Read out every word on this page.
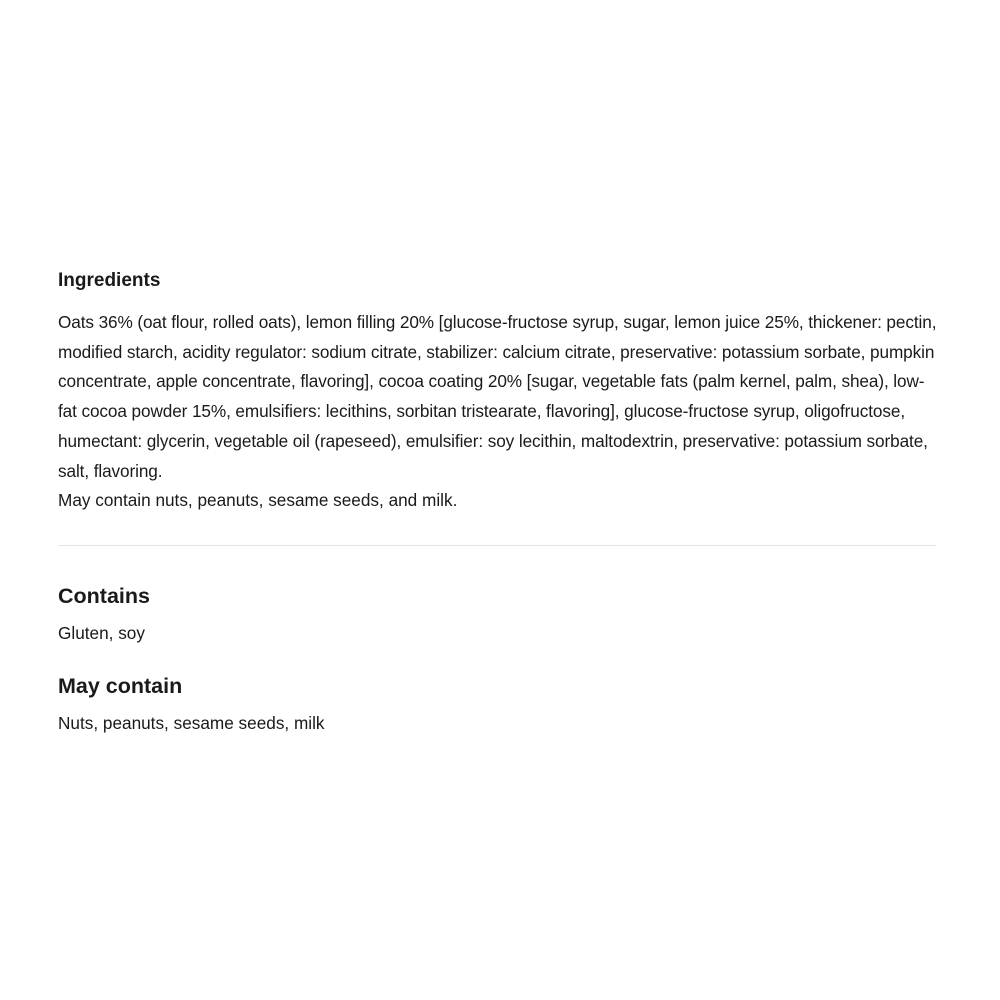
Ingredients

Oats 36% (oat flour, rolled oats), lemon filling 20% [glucose-fructose syrup, sugar, lemon juice 25%, thickener: pectin, modified starch, acidity regulator: sodium citrate, stabilizer: calcium citrate, preservative: potassium sorbate, pumpkin concentrate, apple concentrate, flavoring], cocoa coating 20% [sugar, vegetable fats (palm kernel, palm, shea), low-fat cocoa powder 15%, emulsifiers: lecithins, sorbitan tristearate, flavoring], glucose-fructose syrup, oligofructose, humectant: glycerin, vegetable oil (rapeseed), emulsifier: soy lecithin, maltodextrin, preservative: potassium sorbate, salt, flavoring.

May contain nuts, peanuts, sesame seeds, and milk.

Contains

Gluten, soy

May contain

Nuts, peanuts, sesame seeds, milk
